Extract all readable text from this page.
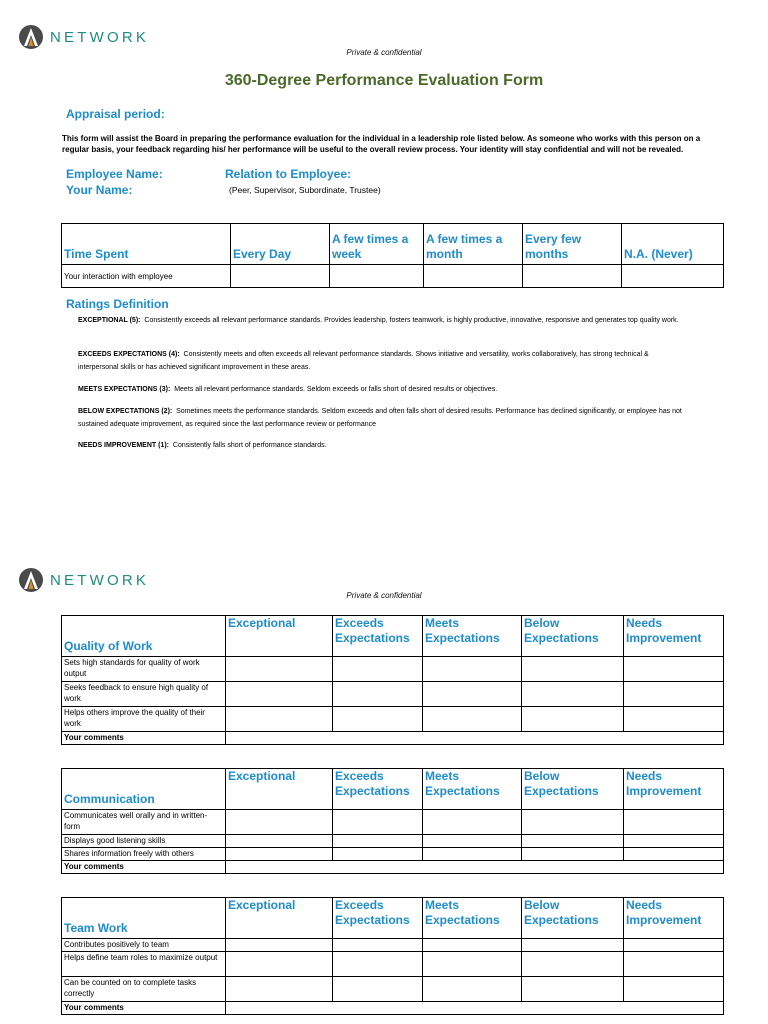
NETWORK
Private & confidential
360-Degree Performance Evaluation Form
Appraisal period:
This form will assist the Board in preparing the performance evaluation for the individual in a leadership role listed below. As someone who works with this person on a regular basis, your feedback regarding his/ her performance will be useful to the overall review process. Your identity will stay confidential and will not be revealed.
Employee Name:
Your Name:
Relation to Employee:
(Peer, Supervisor, Subordinate, Trustee)
Time Spent	Every Day	A few times a week	A few times a month	Every few months	N.A. (Never)
Your interaction with employee					
Ratings Definition
EXCEPTIONAL (5): Consistently exceeds all relevant performance standards. Provides leadership, fosters teamwork, is highly productive, innovative, responsive and generates top quality work.
EXCEEDS EXPECTATIONS (4): Consistently meets and often exceeds all relevant performance standards. Shows initiative and versatility, works collaboratively, has strong technical & interpersonal skills or has achieved significant improvement in these areas.
MEETS EXPECTATIONS (3): Meets all relevant performance standards. Seldom exceeds or falls short of desired results or objectives.
BELOW EXPECTATIONS (2): Sometimes meets the performance standards. Seldom exceeds and often falls short of desired results. Performance has declined significantly, or employee has not sustained adequate improvement, as required since the last performance review or performance
NEEDS IMPROVEMENT (1): Consistently falls short of performance standards.
NETWORK
Private & confidential
Quality of Work	Exceptional	Exceeds Expectations	Meets Expectations	Below Expectations	Needs Improvement
Sets high standards for quality of work output					
Seeks feedback to ensure high quality of work					
Helps others improve the quality of their work					
Your comments					
Communication	Exceptional	Exceeds Expectations	Meets Expectations	Below Expectations	Needs Improvement
Communicates well orally and in written-form					
Displays good listening skills					
Shares information freely with others					
Your comments					
Team Work	Exceptional	Exceeds Expectations	Meets Expectations	Below Expectations	Needs Improvement
Contributes positively to team					
Helps define team roles to maximize output					
Can be counted on to complete tasks correctly					
Your comments					
